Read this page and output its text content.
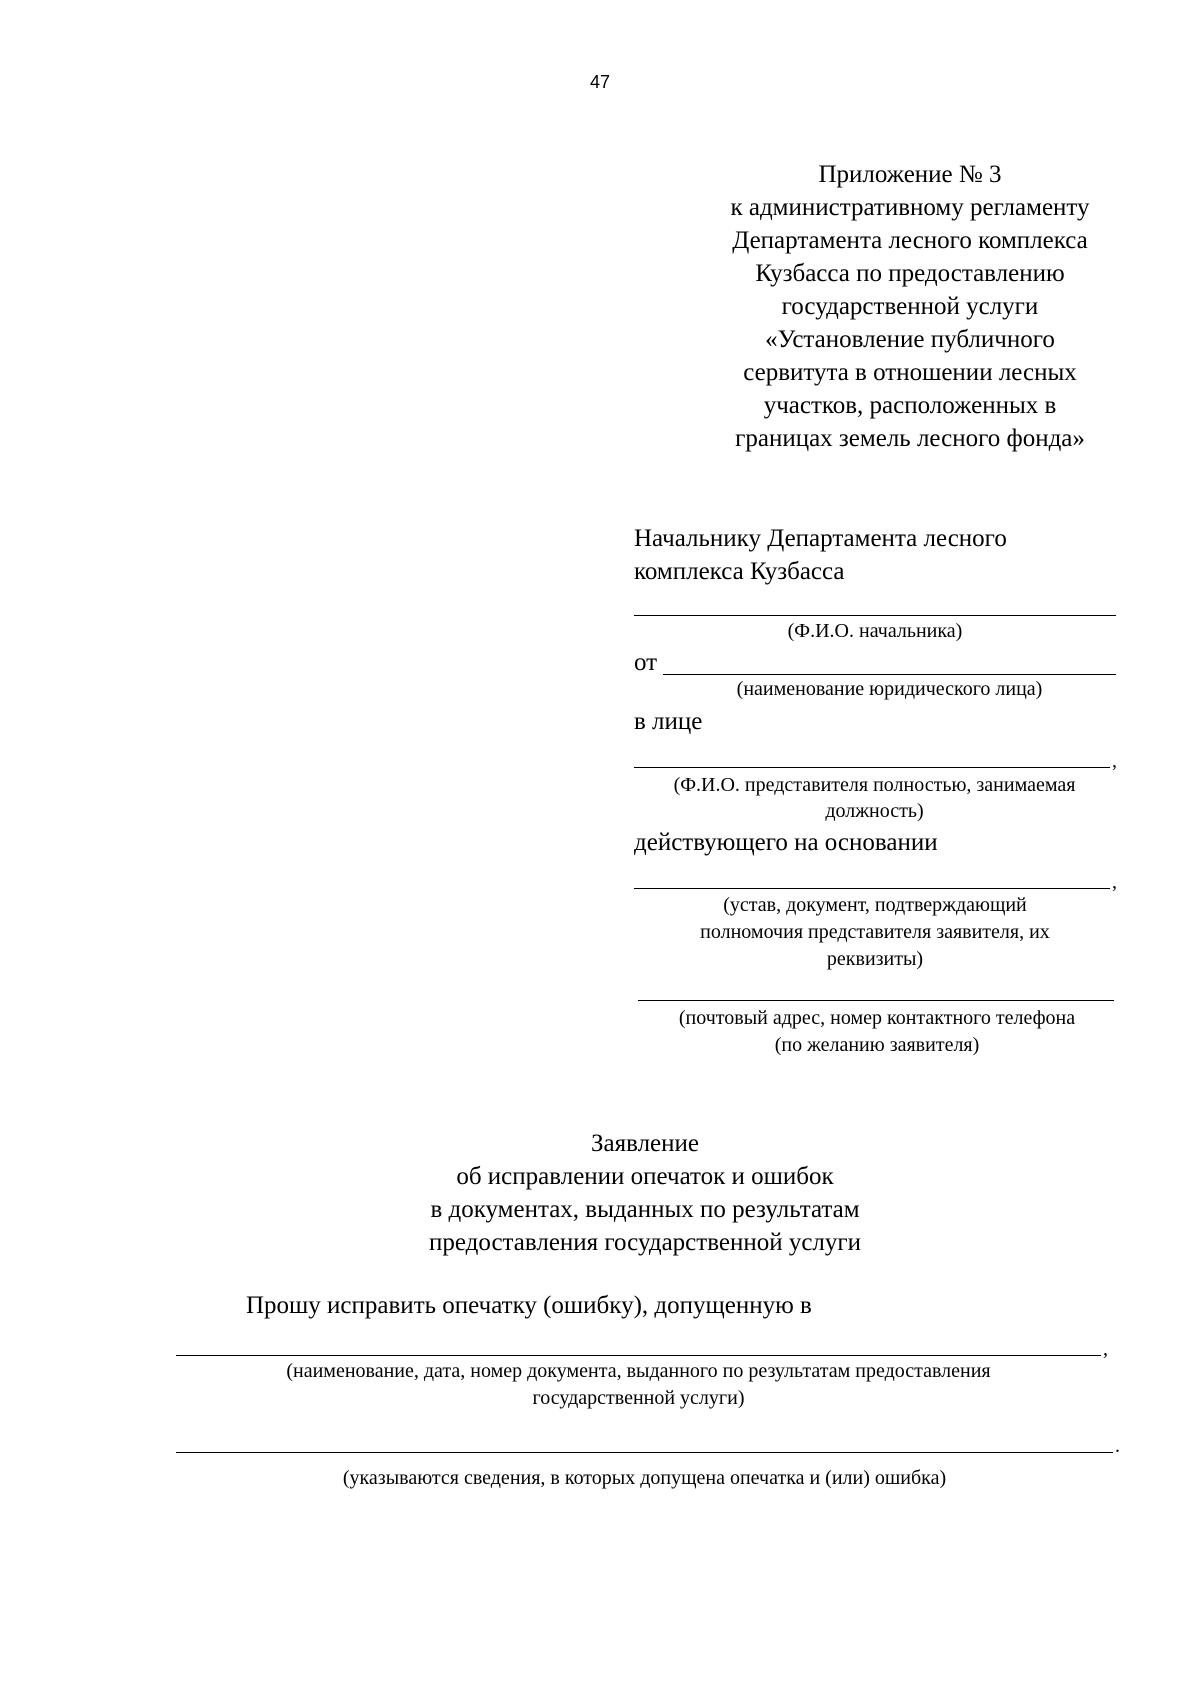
47
Приложение № 3
к административному регламенту
Департамента лесного комплекса
Кузбасса по предоставлению
государственной услуги
«Установление публичного
сервитута в отношении лесных
участков, расположенных в
границах земель лесного фонда»
Начальнику Департамента лесного
комплекса Кузбасса
(Ф.И.О. начальника)
от
(наименование юридического лица)
в лице
,
(Ф.И.О. представителя полностью, занимаемая
должность)
действующего на основании
,
(устав, документ, подтверждающий
полномочия представителя заявителя, их
реквизиты)
(почтовый адрес, номер контактного телефона
(по желанию заявителя)
Заявление
об исправлении опечаток и ошибок
в документах, выданных по результатам
предоставления государственной услуги
Прошу исправить опечатку (ошибку), допущенную в
,
(наименование, дата, номер документа, выданного по результатам предоставления
государственной услуги)
.
(указываются сведения, в которых допущена опечатка и (или) ошибка)
